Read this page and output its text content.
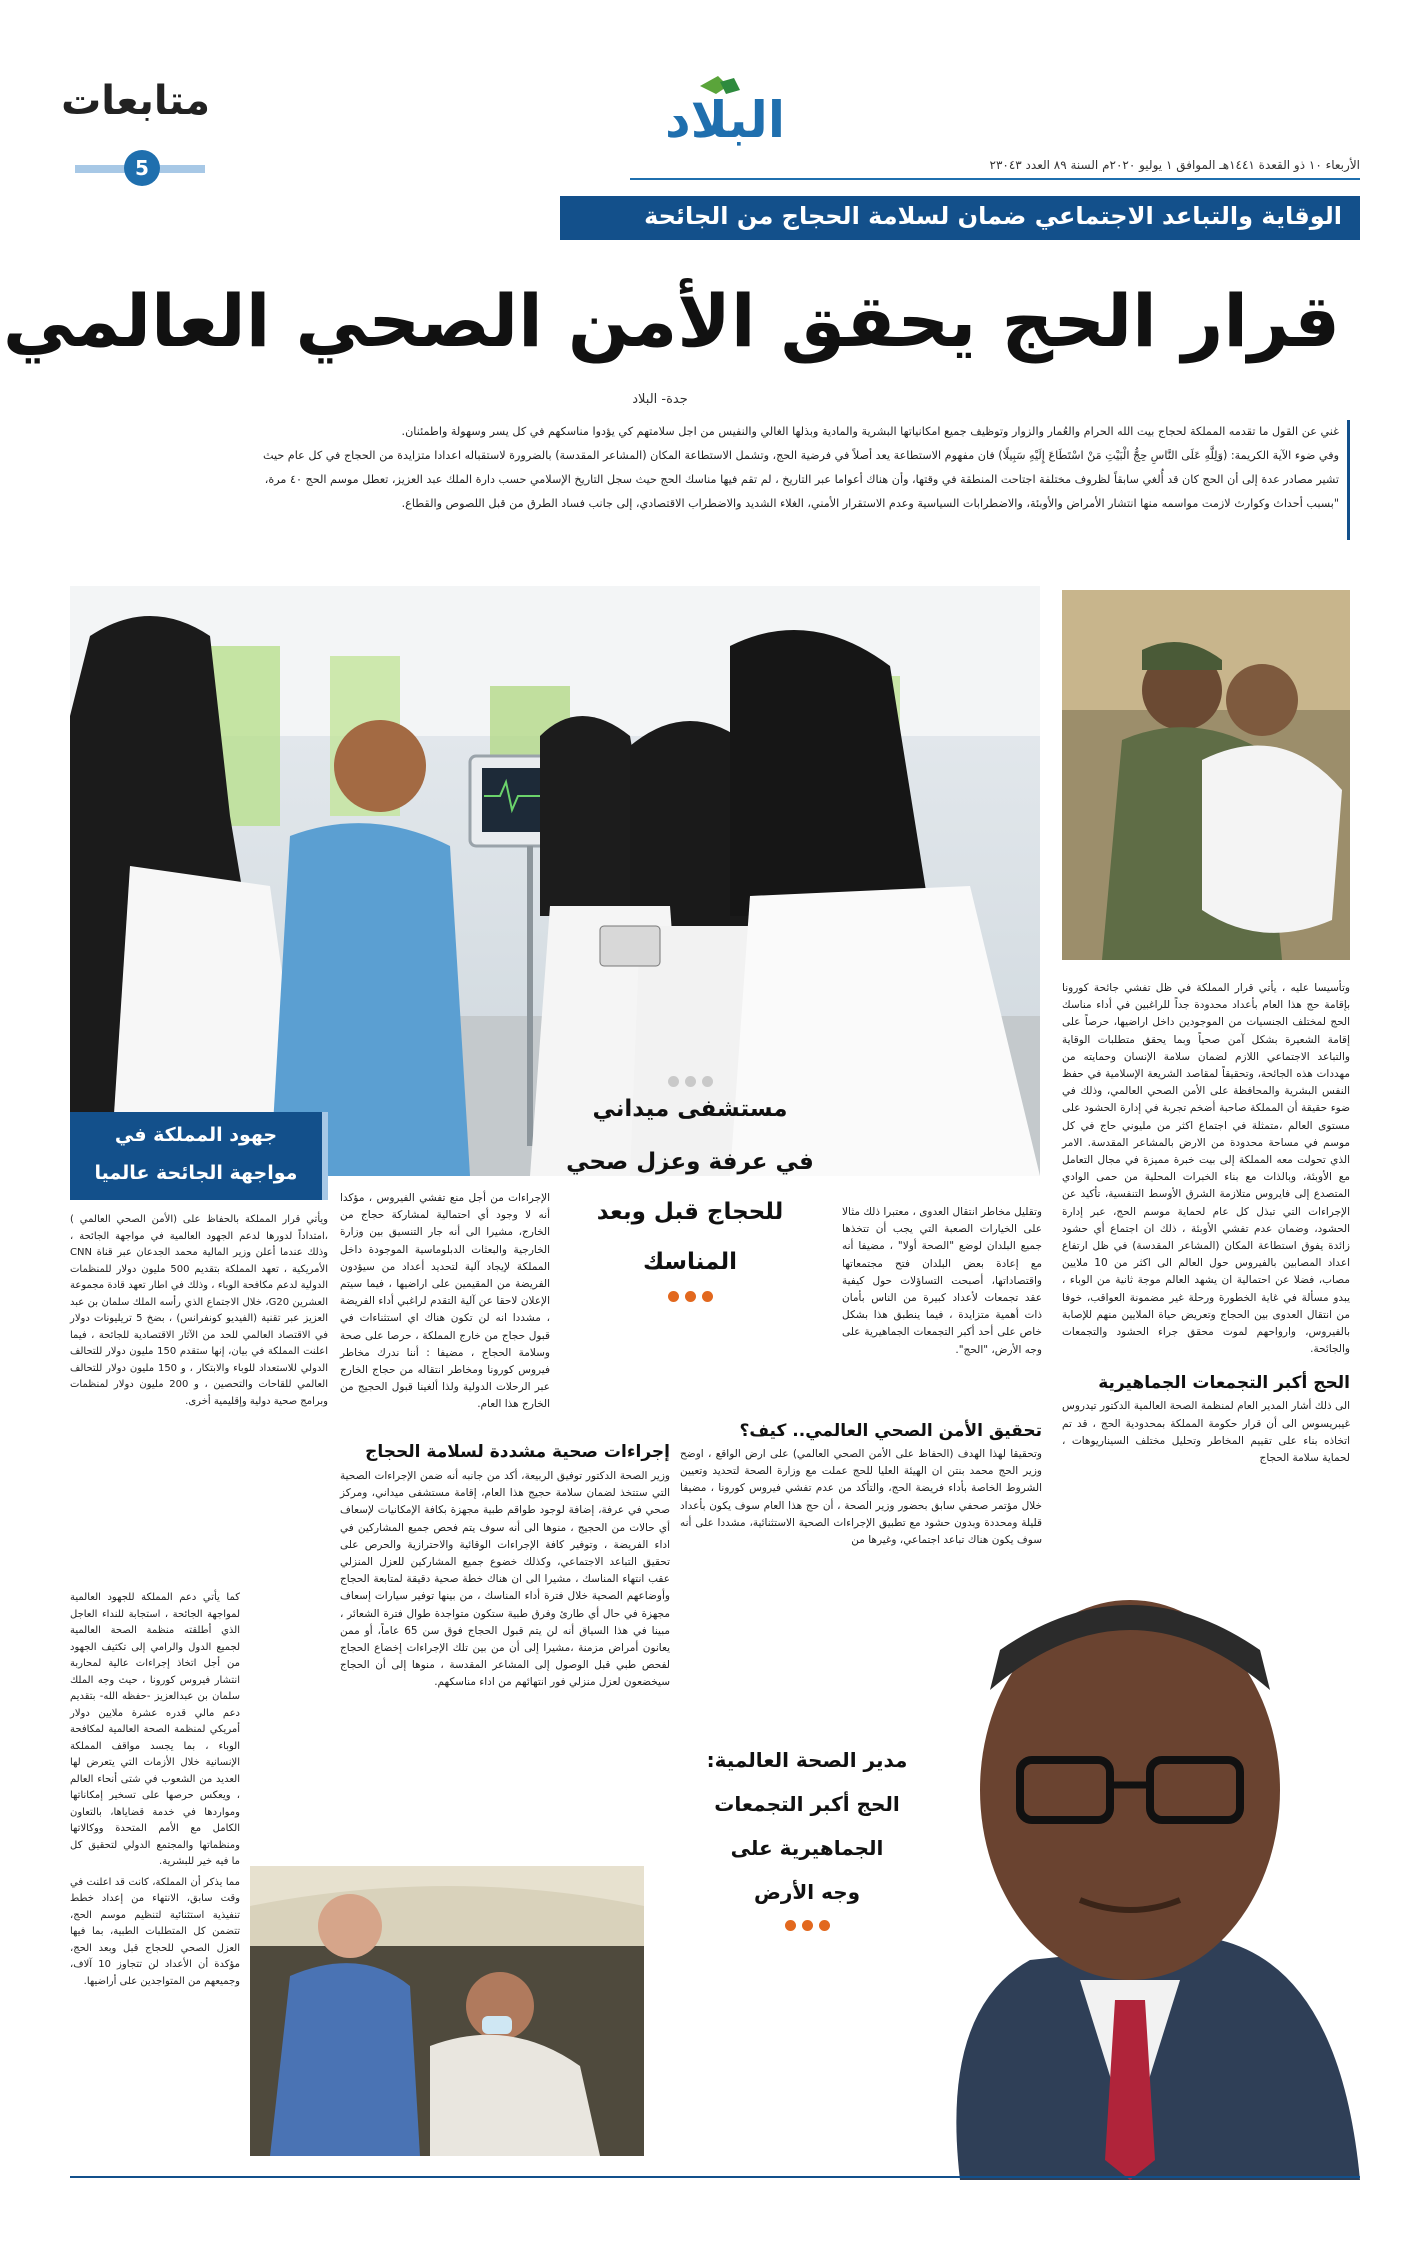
متابعات
5
البلاد
الأربعاء ١٠ ذو القعدة ١٤٤١هـ الموافق ١ يوليو ٢٠٢٠م السنة ٨٩ العدد ٢٣٠٤٣
الوقاية والتباعد الاجتماعي ضمان لسلامة الحجاج من الجائحة
قرار الحج يحقق الأمن الصحي العالمي
جدة- البلاد
غني عن القول ما تقدمه المملكة لحجاج بيت الله الحرام والعُمار والزوار وتوظيف جميع امكانياتها البشرية والمادية وبذلها الغالي والنفيس من اجل سلامتهم كي يؤدوا مناسكهم في كل يسر وسهولة واطمئنان.
وفي ضوء الآية الكريمة: (وَلِلَّهِ عَلَى النَّاسِ حِجُّ الْبَيْتِ مَنْ اسْتَطَاعَ إِلَيْهِ سَبِيلًا) فان مفهوم الاستطاعة يعد أصلاً في فرضية الحج، وتشمل الاستطاعة المكان (المشاعر المقدسة) بالضرورة لاستقباله اعدادا متزايدة من الحجاج في كل عام حيث
تشير مصادر عدة إلى أن الحج كان قد أُلغي سابقاً لظروف مختلفة اجتاحت المنطقة في وقتها، وأن هناك أعواما عبر التاريخ ، لم تقم فيها مناسك الحج حيث سجل التاريخ الإسلامي حسب دارة الملك عبد العزيز، تعطل موسم الحج ٤٠ مرة،
"بسبب أحداث وكوارث لازمت مواسمه منها انتشار الأمراض والأوبئة، والاضطرابات السياسية وعدم الاستقرار الأمني، الغلاء الشديد والاضطراب الاقتصادي، إلى جانب فساد الطرق من قبل اللصوص والقطاع.
مستشفى ميداني
في عرفة وعزل صحي
للحجاج قبل وبعد
المناسك
وتأسيسا عليه ، يأتي قرار المملكة في ظل تفشي جائحة كورونا بإقامة حج هذا العام بأعداد محدودة جداً للراغبين في أداء مناسك الحج لمختلف الجنسيات من الموجودين داخل اراضيها، حرصاً على إقامة الشعيرة بشكل آمن صحياً وبما يحقق متطلبات الوقاية والتباعد الاجتماعي اللازم لضمان سلامة الإنسان وحمايته من مهددات هذه الجائحة، وتحقيقاً لمقاصد الشريعة الإسلامية في حفظ النفس البشرية والمحافظة على الأمن الصحي العالمي، وذلك في ضوء حقيقة أن المملكة صاحبة أضخم تجربة في إدارة الحشود على مستوى العالم ،متمثلة في اجتماع اكثر من مليوني حاج في كل موسم في مساحة محدودة من الارض بالمشاعر المقدسة. الامر الذي تحولت معه المملكة إلى بيت خبرة مميزة في مجال التعامل مع الأوبئة، وبالذات مع بناء الخبرات المحلية من حمى الوادي المتصدع إلى فايروس متلازمة الشرق الأوسط التنفسية، تأكيد عن الإجراءات التي تبذل كل عام لحماية موسم الحج، عبر إدارة الحشود، وضمان عدم تفشي الأوبئة ، ذلك ان اجتماع أي حشود زائدة يفوق استطاعة المكان (المشاعر المقدسة) في ظل ارتفاع اعداد المصابين بالفيروس حول العالم الى اكثر من 10 ملايين مصاب، فضلا عن احتمالية ان يشهد العالم موجة ثانية من الوباء ، يبدو مسألة في غاية الخطورة ورحلة غير مضمونة العواقب، خوفا من انتقال العدوى بين الحجاج وتعريض حياة الملايين منهم للإصابة بالفيروس، وارواحهم لموت محقق جراء الحشود والتجمعات والجائحة.
الحج أكبر التجمعات الجماهيرية
الى ذلك أشار المدير العام لمنظمة الصحة العالمية الدكتور تيدروس غيبريسوس الى أن قرار حكومة المملكة بمحدودية الحج ، قد تم اتخاذه بناء على تقييم المخاطر وتحليل مختلف السيناريوهات ، لحماية سلامة الحجاج
وتقليل مخاطر انتقال العدوى ، معتبرا ذلك مثالا على الخيارات الصعبة التي يجب أن تتخذها جميع البلدان لوضع "الصحة أولا" ، مضيفا أنه مع إعادة بعض البلدان فتح مجتمعاتها واقتصاداتها، أصبحت التساؤلات حول كيفية عقد تجمعات لأعداد كبيرة من الناس بأمان ذات أهمية متزايدة ، فيما ينطبق هذا بشكل خاص على أحد أكبر التجمعات الجماهيرية على وجه الأرض، "الحج".
تحقيق الأمن الصحي العالمي.. كيف؟
وتحقيقا لهذا الهدف (الحفاظ على الأمن الصحي العالمي) على ارض الواقع ، اوضح وزير الحج محمد بنتن ان الهيئة العليا للحج عملت مع وزارة الصحة لتحديد وتعيين الشروط الخاصة بأداء فريضة الحج، والتأكد من عدم تفشي فيروس كورونا ، مضيفا خلال مؤتمر صحفي سابق بحضور وزير الصحة ، أن حج هذا العام سوف يكون بأعداد قليلة ومحددة وبدون حشود مع تطبيق الإجراءات الصحية الاستثنائية، مشددا على أنه سوف يكون هناك تباعد اجتماعي، وغيرها من
الإجراءات من أجل منع تفشي الفيروس ، مؤكدا أنه لا وجود أي احتمالية لمشاركة حجاج من الخارج، مشيرا الى أنه جار التنسيق بين وزارة الخارجية والبعثات الدبلوماسية الموجودة داخل المملكة لإيجاد آلية لتحديد أعداد من سيؤدون الفريضة من المقيمين على اراضيها ، فيما سيتم الإعلان لاحقا عن آلية التقدم لراغبي أداء الفريضة ، مشددا انه لن تكون هناك اي استثناءات في قبول حجاج من خارج المملكة ، حرصا على صحة وسلامة الحجاج ، مضيفا : أننا ندرك مخاطر فيروس كورونا ومخاطر انتقاله من حجاج الخارج عبر الرحلات الدولية ولذا ألغينا قبول الحجيج من الخارج هذا العام.
إجراءات صحية مشددة لسلامة الحجاج
وزير الصحة الدكتور توفيق الربيعة، أكد من جانبه أنه ضمن الإجراءات الصحية التي ستتخذ لضمان سلامة حجيج هذا العام، إقامة مستشفى ميداني، ومركز صحي في عرفة، إضافة لوجود طواقم طبية مجهزة بكافة الإمكانيات لإسعاف أي حالات من الحجيج ، منوها الى أنه سوف يتم فحص جميع المشاركين في اداء الفريضة ، وتوفير كافة الإجراءات الوقائية والاحترازية والحرص على تحقيق التباعد الاجتماعي، وكذلك خضوع جميع المشاركين للعزل المنزلي عقب انتهاء المناسك ، مشيرا الى ان هناك خطة صحية دقيقة لمتابعة الحجاج وأوضاعهم الصحية خلال فترة أداء المناسك ، من بينها توفير سيارات إسعاف مجهزة في حال أي طارئ وفرق طبية ستكون متواجدة طوال فترة الشعائر ، مبينا في هذا السياق أنه لن يتم قبول الحجاج فوق سن 65 عاماً، أو ممن يعانون أمراض مزمنة ،مشيرا إلى أن من بين تلك الإجراءات إخضاع الحجاج لفحص طبي قبل الوصول إلى المشاعر المقدسة ، منوها إلى أن الحجاج سيخضعون لعزل منزلي فور انتهائهم من اداء مناسكهم.
جهود المملكة في
مواجهة الجائحة عالميا
ويأتي قرار المملكة بالحفاظ على (الأمن الصحي العالمي ) ،امتداداً لدورها لدعم الجهود العالمية في مواجهة الجائحة ، وذلك عندما أعلن وزير المالية محمد الجدعان عبر قناة CNN الأمريكية ، تعهد المملكة بتقديم 500 مليون دولار للمنظمات الدولية لدعم مكافحة الوباء ، وذلك في اطار تعهد قادة مجموعة العشرين G20، خلال الاجتماع الذي رأسه الملك سلمان بن عبد العزيز عبر تقنية (الفيديو كونفرانس) ، بضخ 5 تريليونات دولار في الاقتصاد العالمي للحد من الآثار الاقتصادية للجائحة ، فيما اعلنت المملكة في بيان، إنها ستقدم 150 مليون دولار للتحالف الدولي للاستعداد للوباء والابتكار ، و 150 مليون دولار للتحالف العالمي للقاحات والتحصين ، و 200 مليون دولار لمنظمات وبرامج صحية دولية وإقليمية أخرى.
كما يأتي دعم المملكة للجهود العالمية لمواجهة الجائحة ، استجابة للنداء العاجل الذي أطلقته منظمة الصحة العالمية لجميع الدول والرامي إلى تكثيف الجهود من أجل اتخاذ إجراءات عالية لمحاربة انتشار فيروس كورونا ، حيث وجه الملك سلمان بن عبدالعزيز -حفظه الله- بتقديم دعم مالي قدره عشرة ملايين دولار أمريكي لمنظمة الصحة العالمية لمكافحة الوباء ، بما يجسد مواقف المملكة الإنسانية خلال الأزمات التي يتعرض لها العديد من الشعوب في شتى أنحاء العالم ، ويعكس حرصها على تسخير إمكاناتها ومواردها في خدمة قضاياها، بالتعاون الكامل مع الأمم المتحدة ووكالاتها ومنظماتها والمجتمع الدولي لتحقيق كل ما فيه خير للبشرية.
مما يذكر أن المملكة، كانت قد اعلنت في وقت سابق، الانتهاء من إعداد خطط تنفيذية استثنائية لتنظيم موسم الحج، تتضمن كل المتطلبات الطبية، بما فيها العزل الصحي للحجاج قبل وبعد الحج، مؤكدة أن الأعداد لن تتجاوز 10 آلاف، وجميعهم من المتواجدين على أراضيها.
مدير الصحة العالمية:
الحج أكبر التجمعات
الجماهيرية على
وجه الأرض
